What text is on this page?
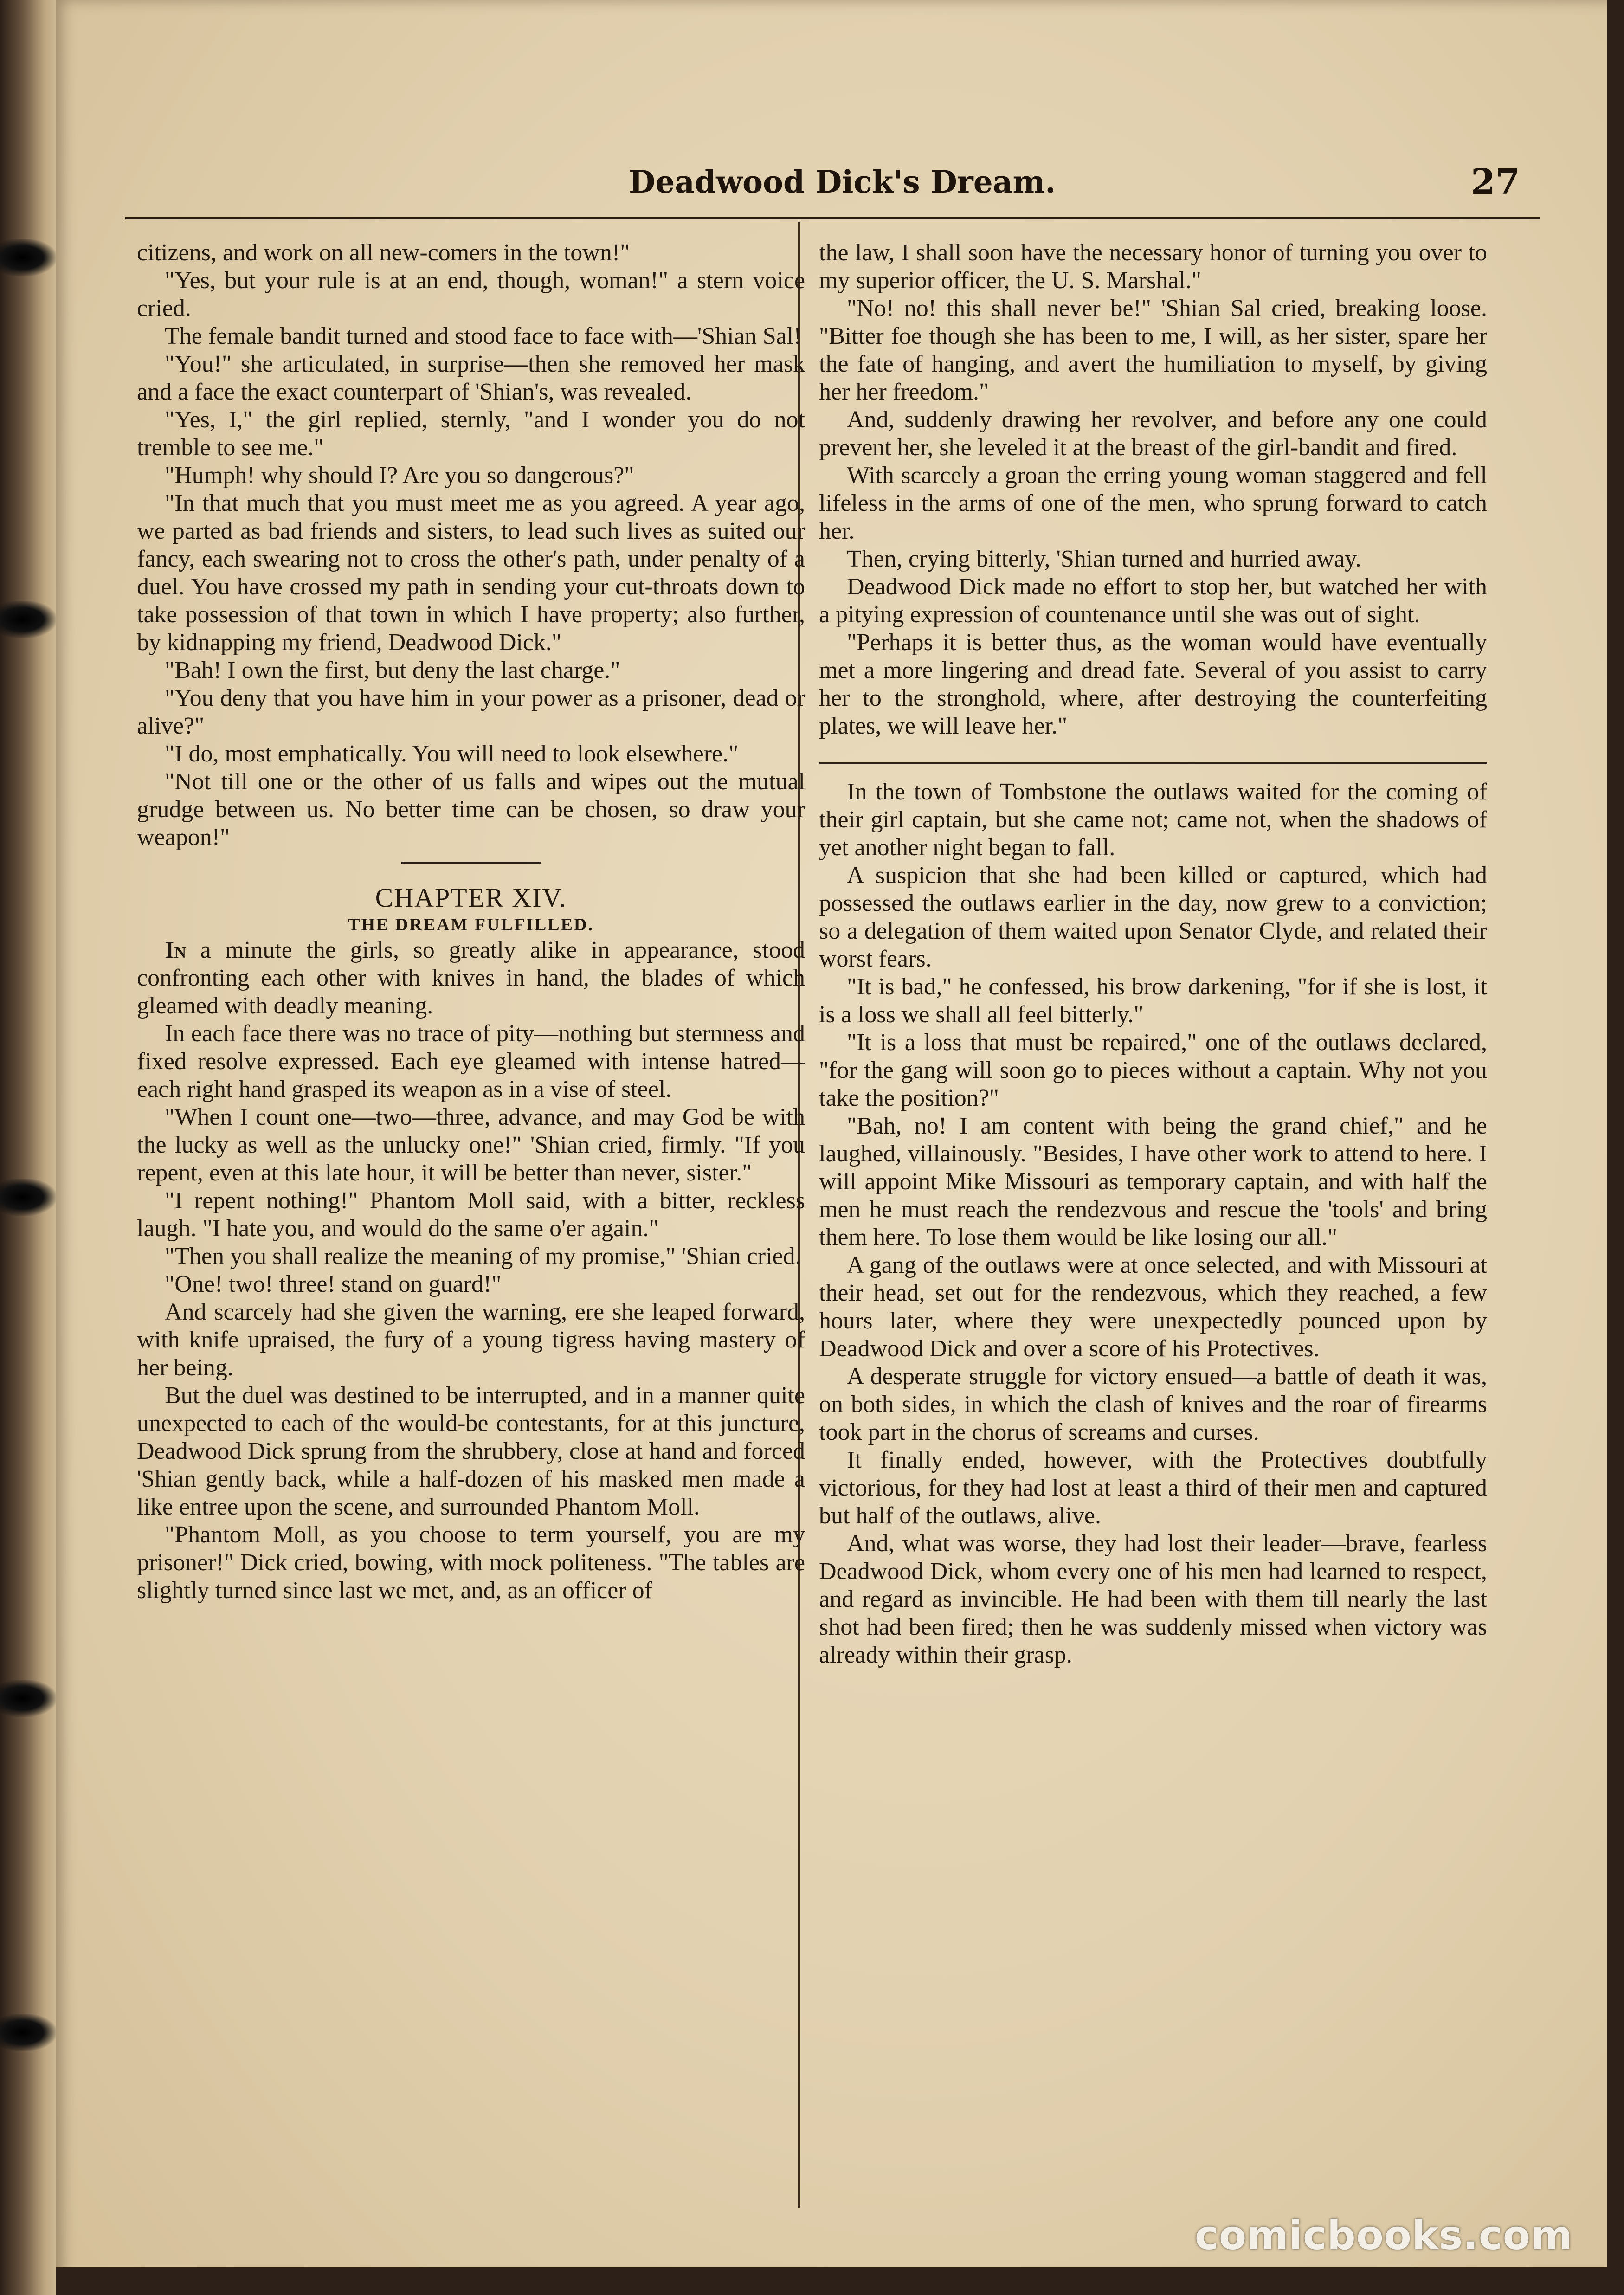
Deadwood Dick's Dream.	27

citizens, and work on all new-comers in the town!"

"Yes, but your rule is at an end, though, woman!" a stern voice cried.

The female bandit turned and stood face to face with—'Shian Sal!

"You!" she articulated, in surprise—then she removed her mask and a face the exact counterpart of 'Shian's, was revealed.

"Yes, I," the girl replied, sternly, "and I wonder you do not tremble to see me."

"Humph! why should I? Are you so dangerous?"

"In that much that you must meet me as you agreed. A year ago, we parted as bad friends and sisters, to lead such lives as suited our fancy, each swearing not to cross the other's path, under penalty of a duel. You have crossed my path in sending your cut-throats down to take possession of that town in which I have property; also further, by kidnapping my friend, Deadwood Dick."

"Bah! I own the first, but deny the last charge."

"You deny that you have him in your power as a prisoner, dead or alive?"

"I do, most emphatically. You will need to look elsewhere."

"Not till one or the other of us falls and wipes out the mutual grudge between us. No better time can be chosen, so draw your weapon!"

CHAPTER XIV.
THE DREAM FULFILLED.

In a minute the girls, so greatly alike in appearance, stood confronting each other with knives in hand, the blades of which gleamed with deadly meaning.

In each face there was no trace of pity—nothing but sternness and fixed resolve expressed. Each eye gleamed with intense hatred—each right hand grasped its weapon as in a vise of steel.

"When I count one—two—three, advance, and may God be with the lucky as well as the unlucky one!" 'Shian cried, firmly. "If you repent, even at this late hour, it will be better than never, sister."

"I repent nothing!" Phantom Moll said, with a bitter, reckless laugh. "I hate you, and would do the same o'er again."

"Then you shall realize the meaning of my promise," 'Shian cried.

"One! two! three! stand on guard!"

And scarcely had she given the warning, ere she leaped forward, with knife upraised, the fury of a young tigress having mastery of her being.

But the duel was destined to be interrupted, and in a manner quite unexpected to each of the would-be contestants, for at this juncture, Deadwood Dick sprung from the shrubbery, close at hand and forced 'Shian gently back, while a half-dozen of his masked men made a like entree upon the scene, and surrounded Phantom Moll.

"Phantom Moll, as you choose to term yourself, you are my prisoner!" Dick cried, bowing, with mock politeness. "The tables are slightly turned since last we met, and, as an officer of

the law, I shall soon have the necessary honor of turning you over to my superior officer, the U. S. Marshal."

"No! no! this shall never be!" 'Shian Sal cried, breaking loose. "Bitter foe though she has been to me, I will, as her sister, spare her the fate of hanging, and avert the humiliation to myself, by giving her her freedom."

And, suddenly drawing her revolver, and before any one could prevent her, she leveled it at the breast of the girl-bandit and fired.

With scarcely a groan the erring young woman staggered and fell lifeless in the arms of one of the men, who sprung forward to catch her.

Then, crying bitterly, 'Shian turned and hurried away.

Deadwood Dick made no effort to stop her, but watched her with a pitying expression of countenance until she was out of sight.

"Perhaps it is better thus, as the woman would have eventually met a more lingering and dread fate. Several of you assist to carry her to the stronghold, where, after destroying the counterfeiting plates, we will leave her."

In the town of Tombstone the outlaws waited for the coming of their girl captain, but she came not; came not, when the shadows of yet another night began to fall.

A suspicion that she had been killed or captured, which had possessed the outlaws earlier in the day, now grew to a conviction; so a delegation of them waited upon Senator Clyde, and related their worst fears.

"It is bad," he confessed, his brow darkening, "for if she is lost, it is a loss we shall all feel bitterly."

"It is a loss that must be repaired," one of the outlaws declared, "for the gang will soon go to pieces without a captain. Why not you take the position?"

"Bah, no! I am content with being the grand chief," and he laughed, villainously. "Besides, I have other work to attend to here. I will appoint Mike Missouri as temporary captain, and with half the men he must reach the rendezvous and rescue the 'tools' and bring them here. To lose them would be like losing our all."

A gang of the outlaws were at once selected, and with Missouri at their head, set out for the rendezvous, which they reached, a few hours later, where they were unexpectedly pounced upon by Deadwood Dick and over a score of his Protectives.

A desperate struggle for victory ensued—a battle of death it was, on both sides, in which the clash of knives and the roar of firearms took part in the chorus of screams and curses.

It finally ended, however, with the Protectives doubtfully victorious, for they had lost at least a third of their men and captured but half of the outlaws, alive.

And, what was worse, they had lost their leader—brave, fearless Deadwood Dick, whom every one of his men had learned to respect, and regard as invincible. He had been with them till nearly the last shot had been fired; then he was suddenly missed when victory was already within their grasp.

comicbooks.com
